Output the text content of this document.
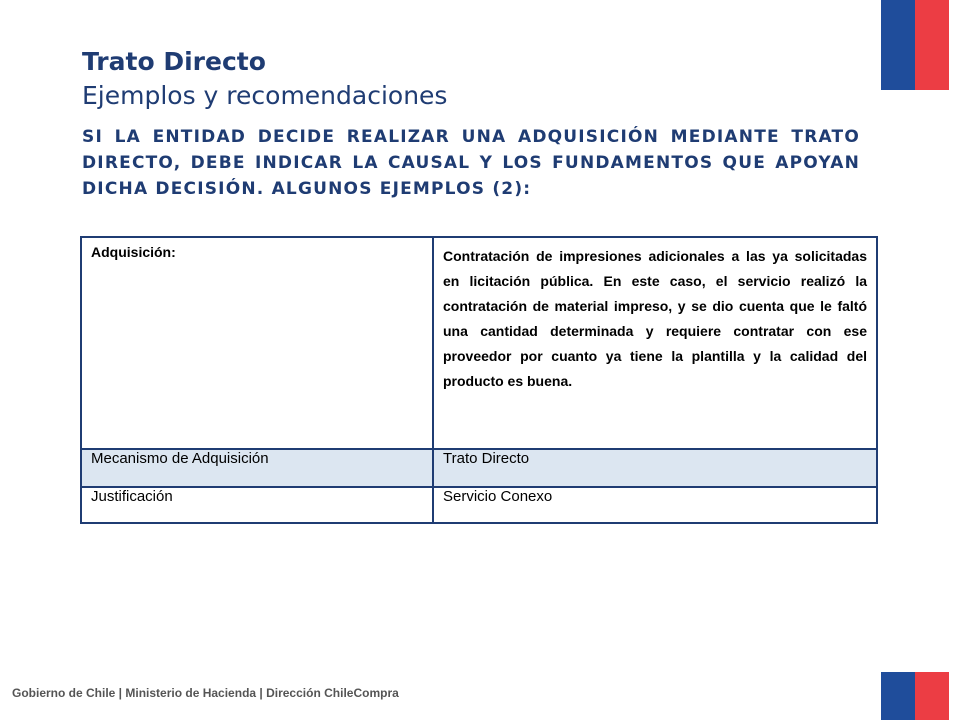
Trato Directo
Ejemplos y recomendaciones

SI LA ENTIDAD DECIDE REALIZAR UNA ADQUISICIÓN MEDIANTE TRATO DIRECTO, DEBE INDICAR LA CAUSAL Y LOS FUNDAMENTOS QUE APOYAN DICHA DECISIÓN. ALGUNOS EJEMPLOS (2):

Adquisición:	Contratación de impresiones adicionales a las ya solicitadas en licitación pública. En este caso, el servicio realizó la contratación de material impreso, y se dio cuenta que le faltó una cantidad determinada y requiere contratar con ese proveedor por cuanto ya tiene la plantilla y la calidad del producto es buena.

Mecanismo de Adquisición	Trato Directo
Justificación	Servicio Conexo

Gobierno de Chile | Ministerio de Hacienda | Dirección ChileCompra
